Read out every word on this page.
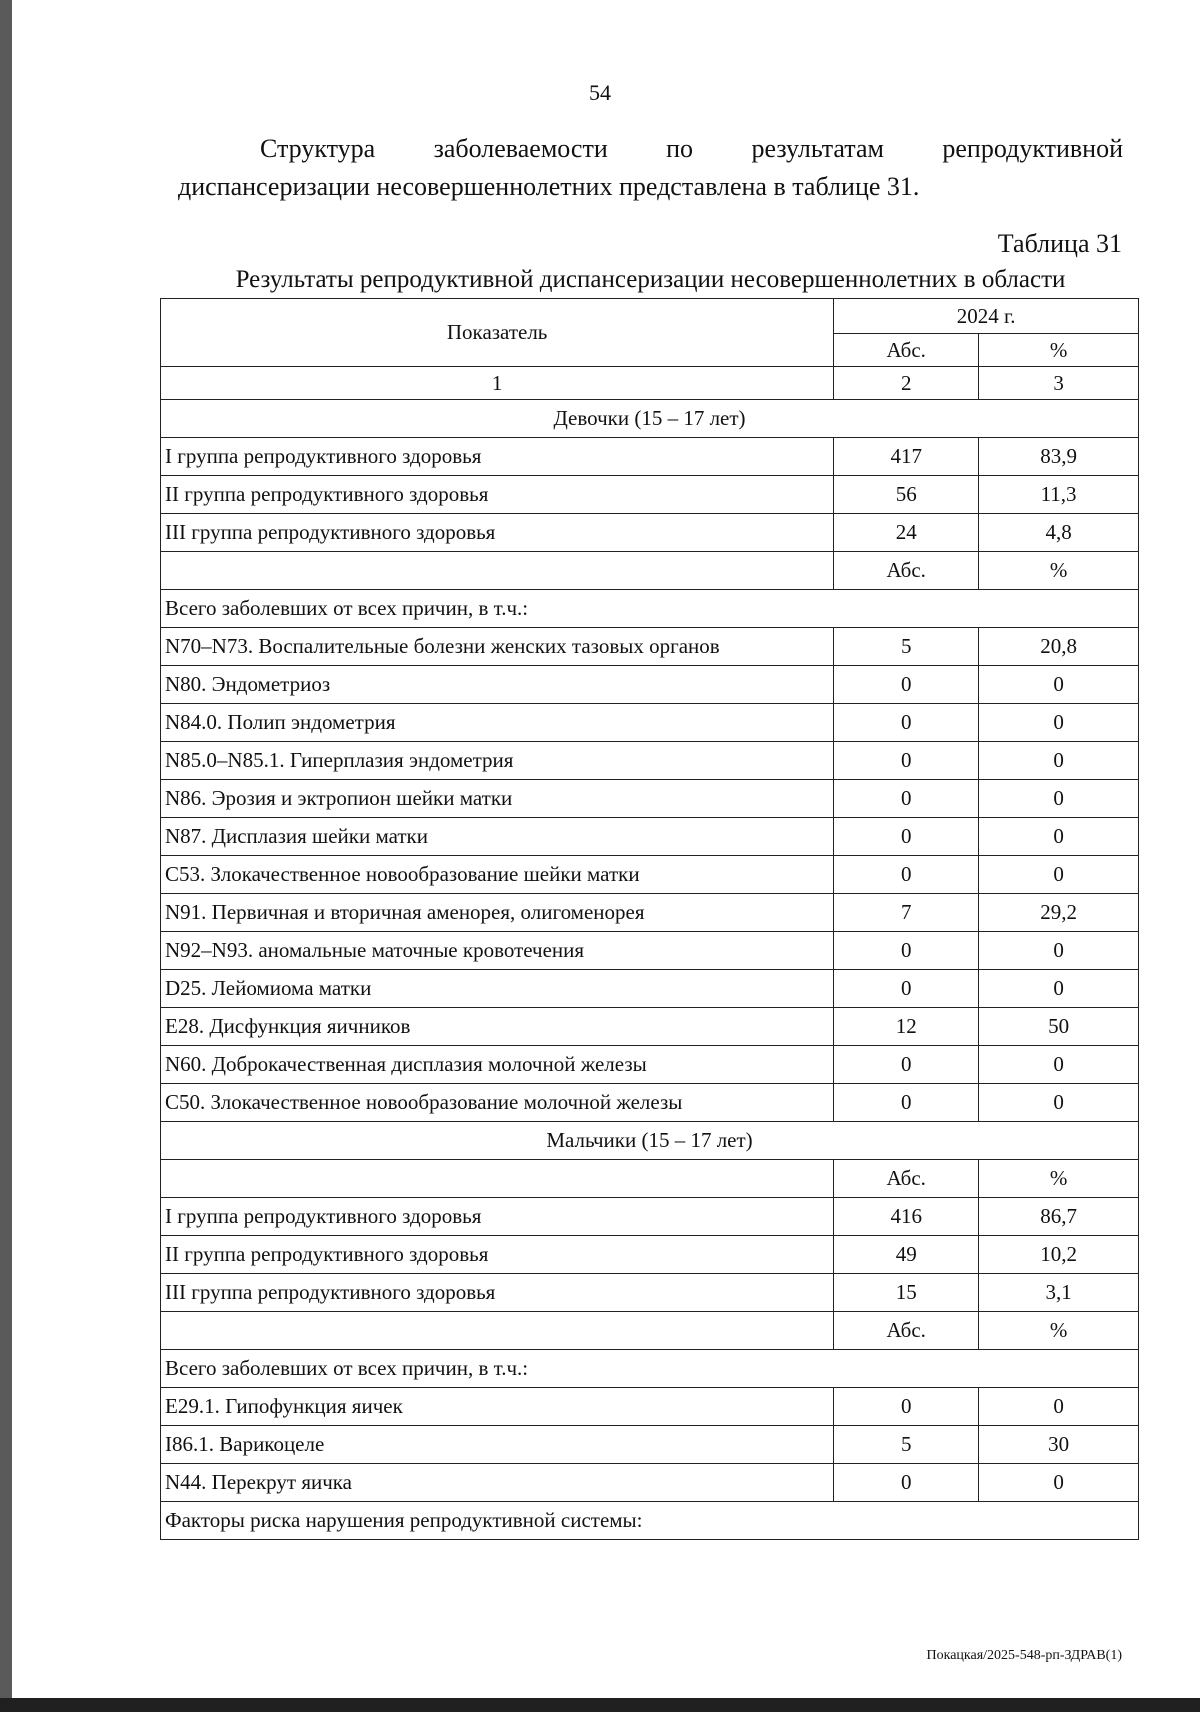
54
Структура заболеваемости по результатам репродуктивной
диспансеризации несовершеннолетних представлена в таблице 31.
Таблица 31
Результаты репродуктивной диспансеризации несовершеннолетних в области
Показатель	2024 г.	
	Абс.	%
1	2	3
Девочки (15 – 17 лет)		
I группа репродуктивного здоровья	417	83,9
II группа репродуктивного здоровья	56	11,3
III группа репродуктивного здоровья	24	4,8
	Абс.	%
Всего заболевших от всех причин, в т.ч.:		
N70–N73. Воспалительные болезни женских тазовых органов	5	20,8
N80. Эндометриоз	0	0
N84.0. Полип эндометрия	0	0
N85.0–N85.1. Гиперплазия эндометрия	0	0
N86. Эрозия и эктропион шейки матки	0	0
N87. Дисплазия шейки матки	0	0
C53. Злокачественное новообразование шейки матки	0	0
N91. Первичная и вторичная аменорея, олигоменорея	7	29,2
N92–N93. аномальные маточные кровотечения	0	0
D25. Лейомиома матки	0	0
E28. Дисфункция яичников	12	50
N60. Доброкачественная дисплазия молочной железы	0	0
C50. Злокачественное новообразование молочной железы	0	0
Мальчики (15 – 17 лет)		
	Абс.	%
I группа репродуктивного здоровья	416	86,7
II группа репродуктивного здоровья	49	10,2
III группа репродуктивного здоровья	15	3,1
	Абс.	%
Всего заболевших от всех причин, в т.ч.:		
E29.1. Гипофункция яичек	0	0
I86.1. Варикоцеле	5	30
N44. Перекрут яичка	0	0
Факторы риска нарушения репродуктивной системы:		
Покацкая/2025-548-рп-ЗДРАВ(1)
